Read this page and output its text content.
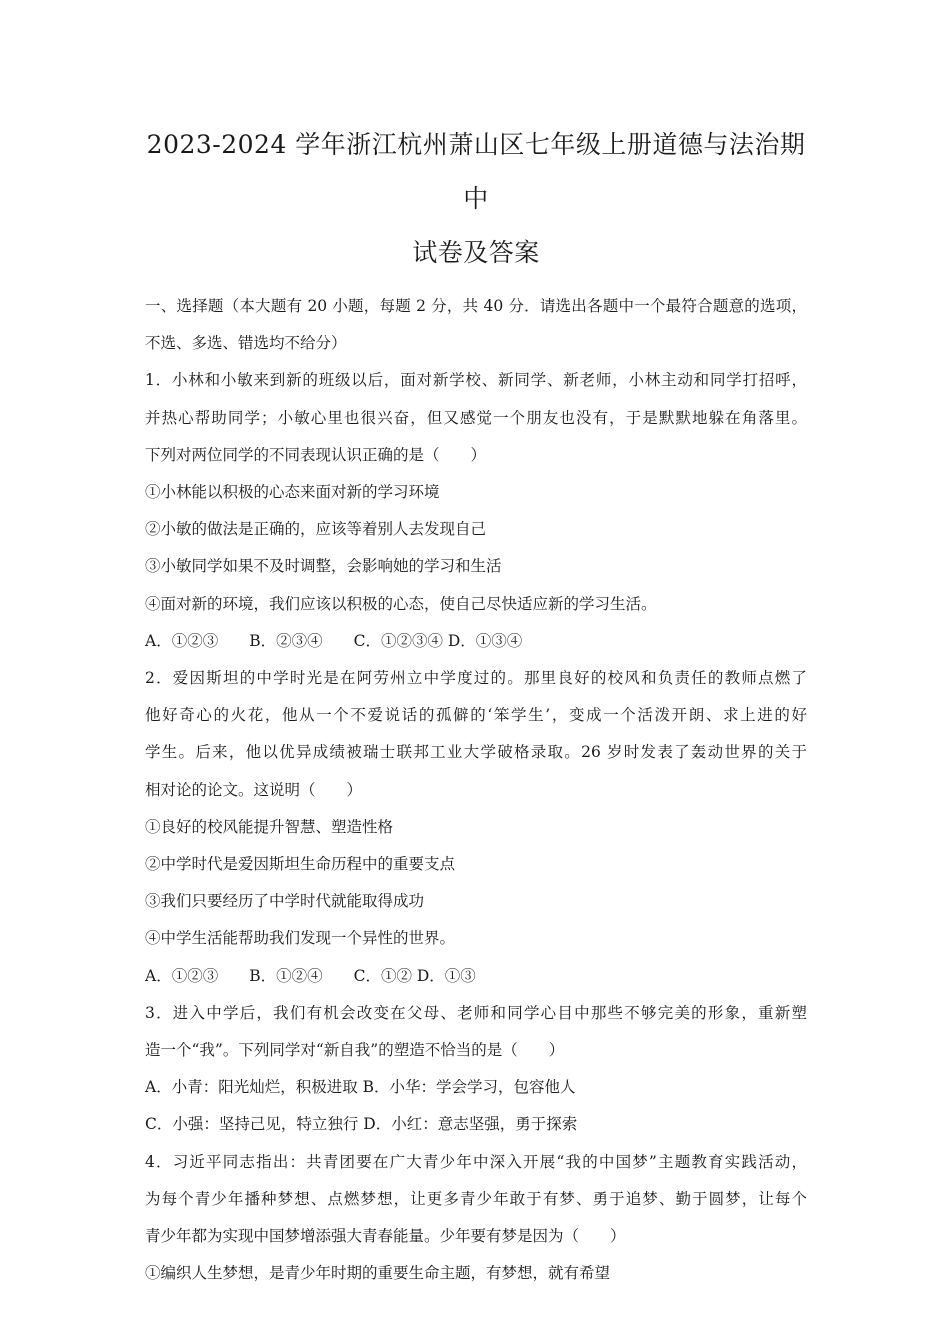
2023-2024 学年浙江杭州萧山区七年级上册道德与法治期中
试卷及答案

一、选择题（本大题有 20 小题，每题 2 分，共 40 分．请选出各题中一个最符合题意的选项，

不选、多选、错选均不给分）

1．小林和小敏来到新的班级以后，面对新学校、新同学、新老师，小林主动和同学打招呼，

并热心帮助同学；小敏心里也很兴奋，但又感觉一个朋友也没有，于是默默地躲在角落里。

下列对两位同学的不同表现认识正确的是（　　）

①小林能以积极的心态来面对新的学习环境

②小敏的做法是正确的，应该等着别人去发现自己

③小敏同学如果不及时调整，会影响她的学习和生活

④面对新的环境，我们应该以积极的心态，使自己尽快适应新的学习生活。

A．①②③　　B．②③④　　C．①②③④ D．①③④

2．爱因斯坦的中学时光是在阿劳州立中学度过的。那里良好的校风和负责任的教师点燃了

他好奇心的火花，他从一个不爱说话的孤僻的‘笨学生’，变成一个活泼开朗、求上进的好

学生。后来，他以优异成绩被瑞士联邦工业大学破格录取。26 岁时发表了轰动世界的关于

相对论的论文。这说明（　　）

①良好的校风能提升智慧、塑造性格

②中学时代是爱因斯坦生命历程中的重要支点

③我们只要经历了中学时代就能取得成功

④中学生活能帮助我们发现一个异性的世界。

A．①②③　　B．①②④　　C．①② D．①③

3．进入中学后，我们有机会改变在父母、老师和同学心目中那些不够完美的形象，重新塑

造一个“我”。下列同学对“新自我”的塑造不恰当的是（　　）

A．小青：阳光灿烂，积极进取 B．小华：学会学习，包容他人

C．小强：坚持己见，特立独行 D．小红：意志坚强，勇于探索

4．习近平同志指出：共青团要在广大青少年中深入开展“我的中国梦”主题教育实践活动，

为每个青少年播种梦想、点燃梦想，让更多青少年敢于有梦、勇于追梦、勤于圆梦，让每个

青少年都为实现中国梦增添强大青春能量。少年要有梦是因为（　　）

①编织人生梦想，是青少年时期的重要生命主题，有梦想，就有希望
